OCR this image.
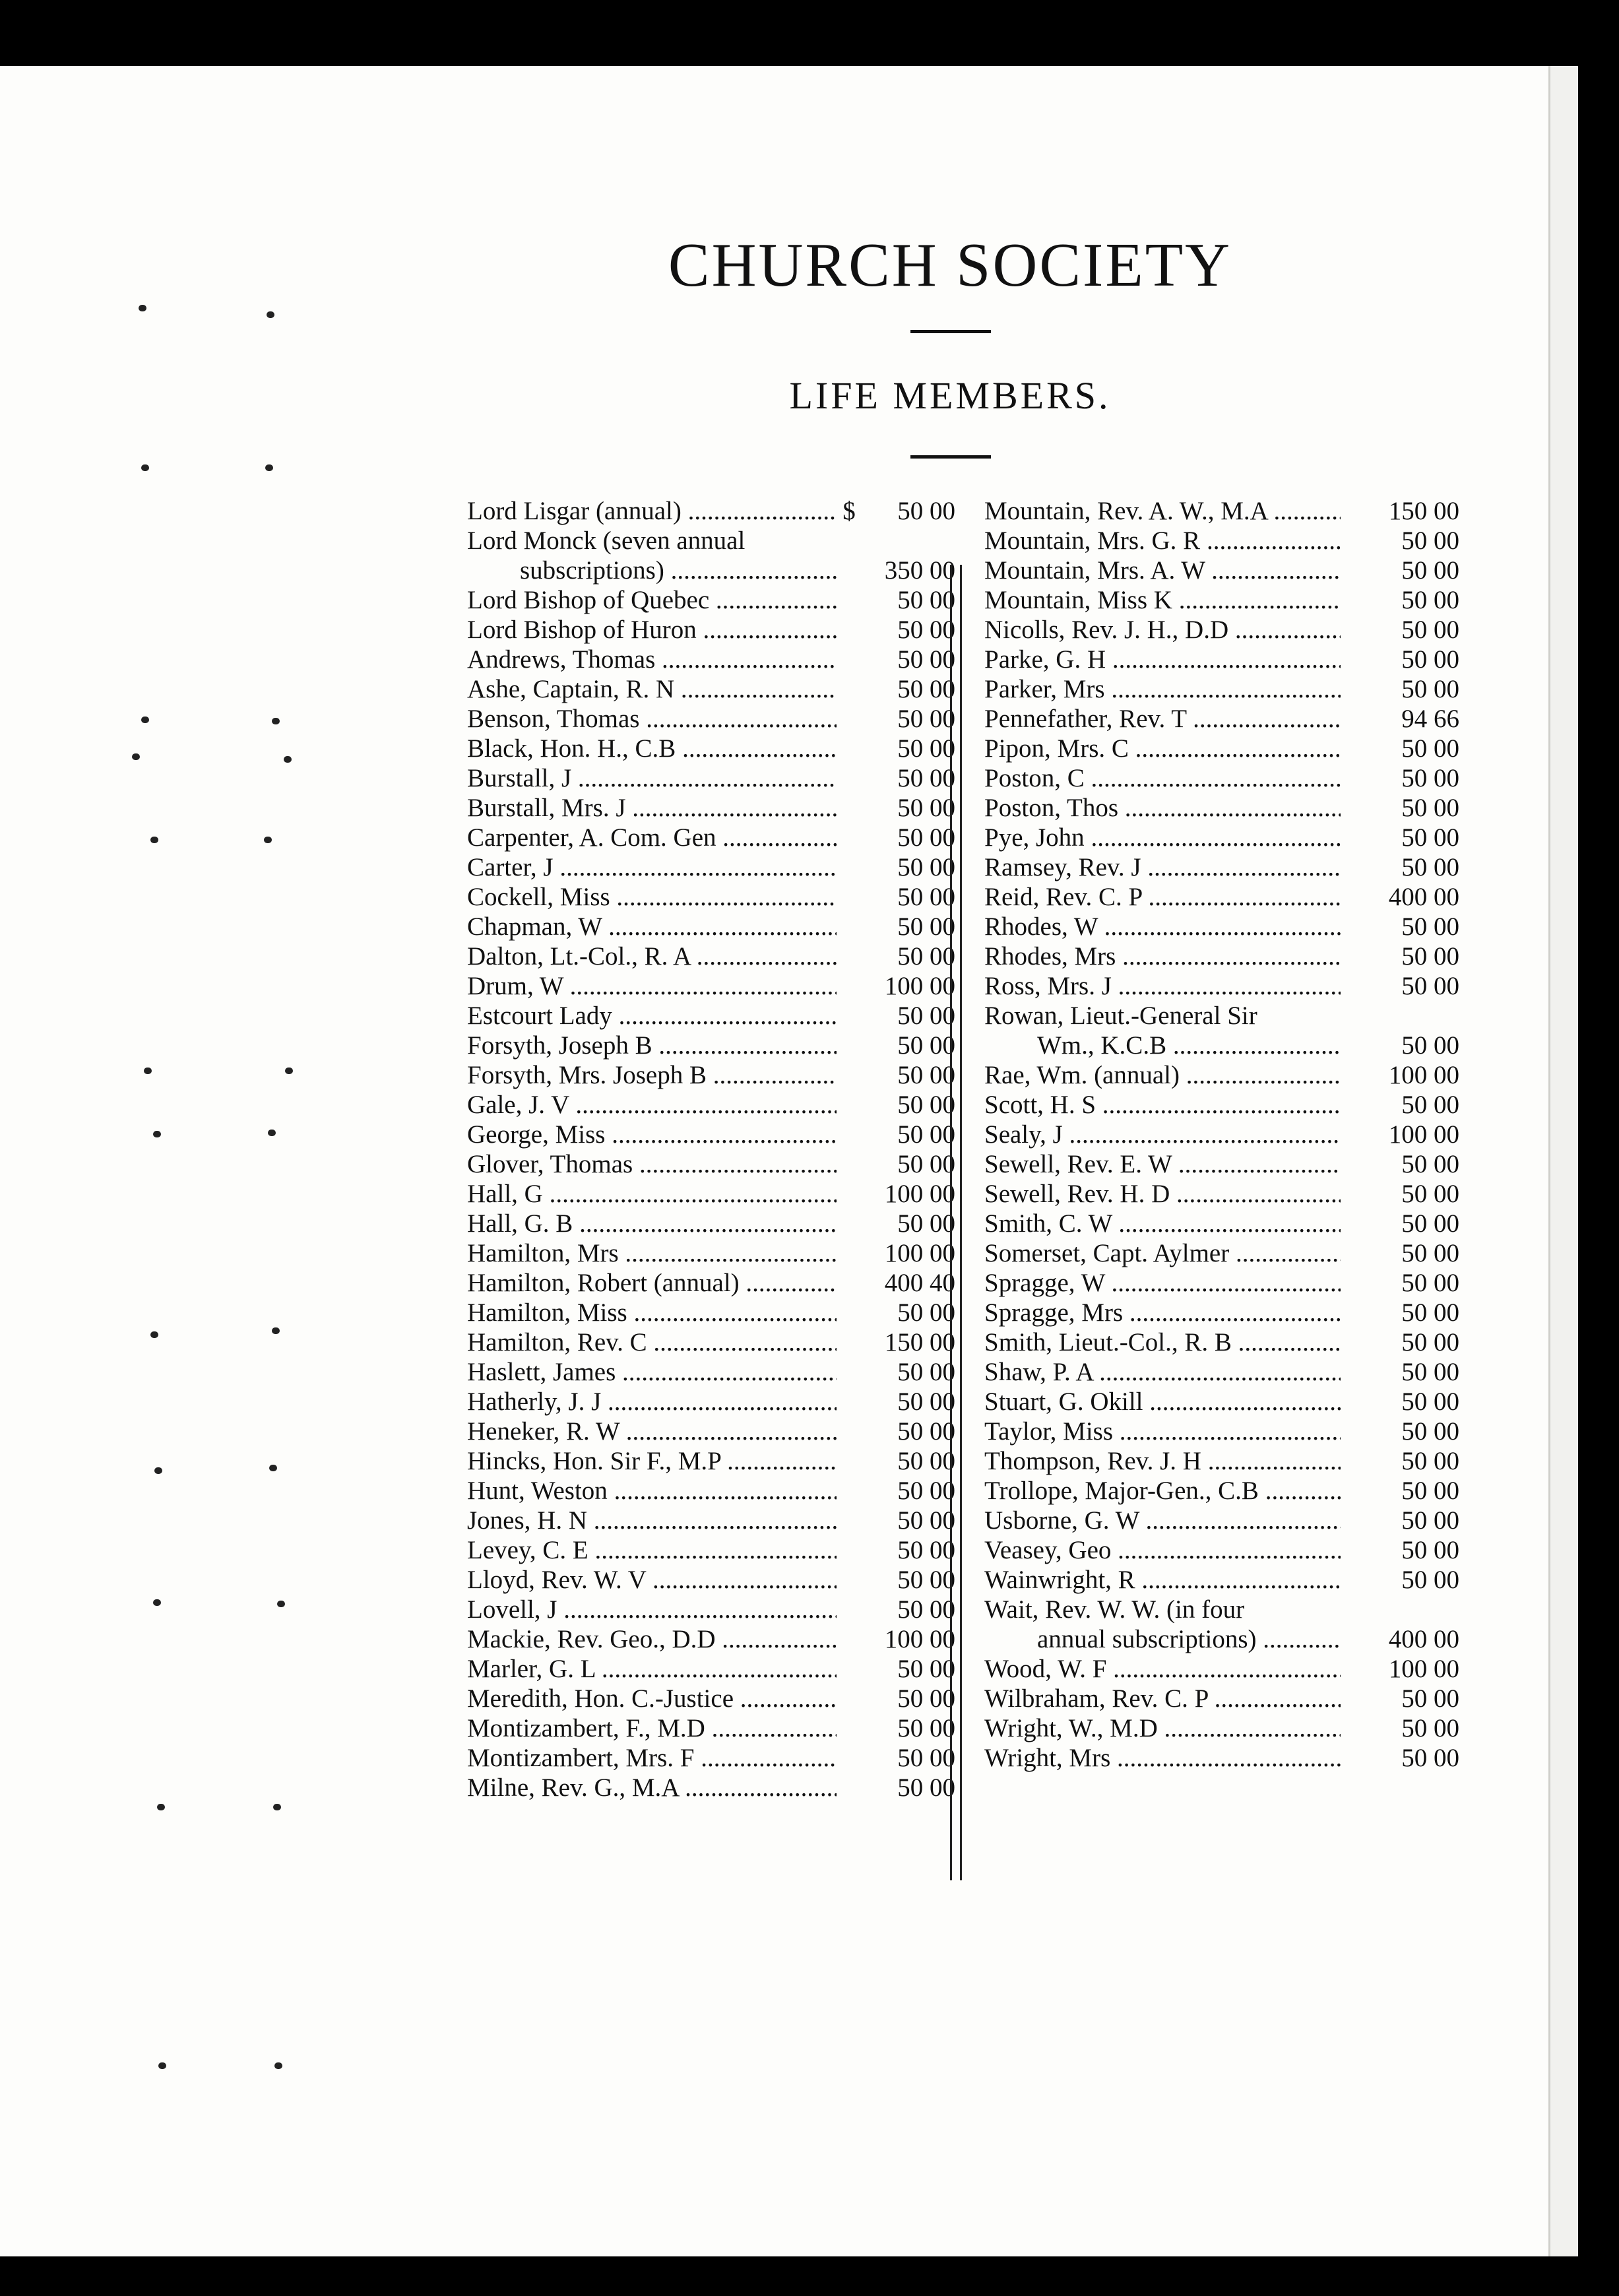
CHURCH SOCIETY
LIFE MEMBERS.
Lord Lisgar (annual) .....	$	50 00
Lord Monck (seven annual
subscriptions) .....	350 00
Lord Bishop of Quebec .....	50 00
Lord Bishop of Huron .....	50 00
Andrews, Thomas .....	50 00
Ashe, Captain, R. N .....	50 00
Benson, Thomas .....	50 00
Black, Hon. H., C.B .....	50 00
Burstall, J .....	50 00
Burstall, Mrs. J .....	50 00
Carpenter, A. Com. Gen .....	50 00
Carter, J .....	50 00
Cockell, Miss .....	50 00
Chapman, W .....	50 00
Dalton, Lt.-Col., R. A .....	50 00
Drum, W .....	100 00
Estcourt Lady .....	50 00
Forsyth, Joseph B .....	50 00
Forsyth, Mrs. Joseph B .....	50 00
Gale, J. V .....	50 00
George, Miss .....	50 00
Glover, Thomas .....	50 00
Hall, G .....	100 00
Hall, G. B .....	50 00
Hamilton, Mrs .....	100 00
Hamilton, Robert (annual) .....	400 40
Hamilton, Miss .....	50 00
Hamilton, Rev. C .....	150 00
Haslett, James .....	50 00
Hatherly, J. J .....	50 00
Heneker, R. W .....	50 00
Hincks, Hon. Sir F., M.P .....	50 00
Hunt, Weston .....	50 00
Jones, H. N .....	50 00
Levey, C. E .....	50 00
Lloyd, Rev. W. V .....	50 00
Lovell, J .....	50 00
Mackie, Rev. Geo., D.D .....	100 00
Marler, G. L .....	50 00
Meredith, Hon. C.-Justice .....	50 00
Montizambert, F., M.D .....	50 00
Montizambert, Mrs. F .....	50 00
Milne, Rev. G., M.A .....	50 00
Mountain, Rev. A. W., M.A .....	150 00
Mountain, Mrs. G. R .....	50 00
Mountain, Mrs. A. W .....	50 00
Mountain, Miss K .....	50 00
Nicolls, Rev. J. H., D.D .....	50 00
Parke, G. H .....	50 00
Parker, Mrs .....	50 00
Pennefather, Rev. T .....	94 66
Pipon, Mrs. C .....	50 00
Poston, C .....	50 00
Poston, Thos .....	50 00
Pye, John .....	50 00
Ramsey, Rev. J .....	50 00
Reid, Rev. C. P .....	400 00
Rhodes, W .....	50 00
Rhodes, Mrs .....	50 00
Ross, Mrs. J .....	50 00
Rowan, Lieut.-General Sir
Wm., K.C.B .....	50 00
Rae, Wm. (annual) .....	100 00
Scott, H. S .....	50 00
Sealy, J .....	100 00
Sewell, Rev. E. W .....	50 00
Sewell, Rev. H. D .....	50 00
Smith, C. W .....	50 00
Somerset, Capt. Aylmer .....	50 00
Spragge, W .....	50 00
Spragge, Mrs .....	50 00
Smith, Lieut.-Col., R. B .....	50 00
Shaw, P. A .....	50 00
Stuart, G. Okill .....	50 00
Taylor, Miss .....	50 00
Thompson, Rev. J. H .....	50 00
Trollope, Major-Gen., C.B .....	50 00
Usborne, G. W .....	50 00
Veasey, Geo .....	50 00
Wainwright, R .....	50 00
Wait, Rev. W. W. (in four
annual subscriptions) .....	400 00
Wood, W. F .....	100 00
Wilbraham, Rev. C. P .....	50 00
Wright, W., M.D .....	50 00
Wright, Mrs .....	50 00
